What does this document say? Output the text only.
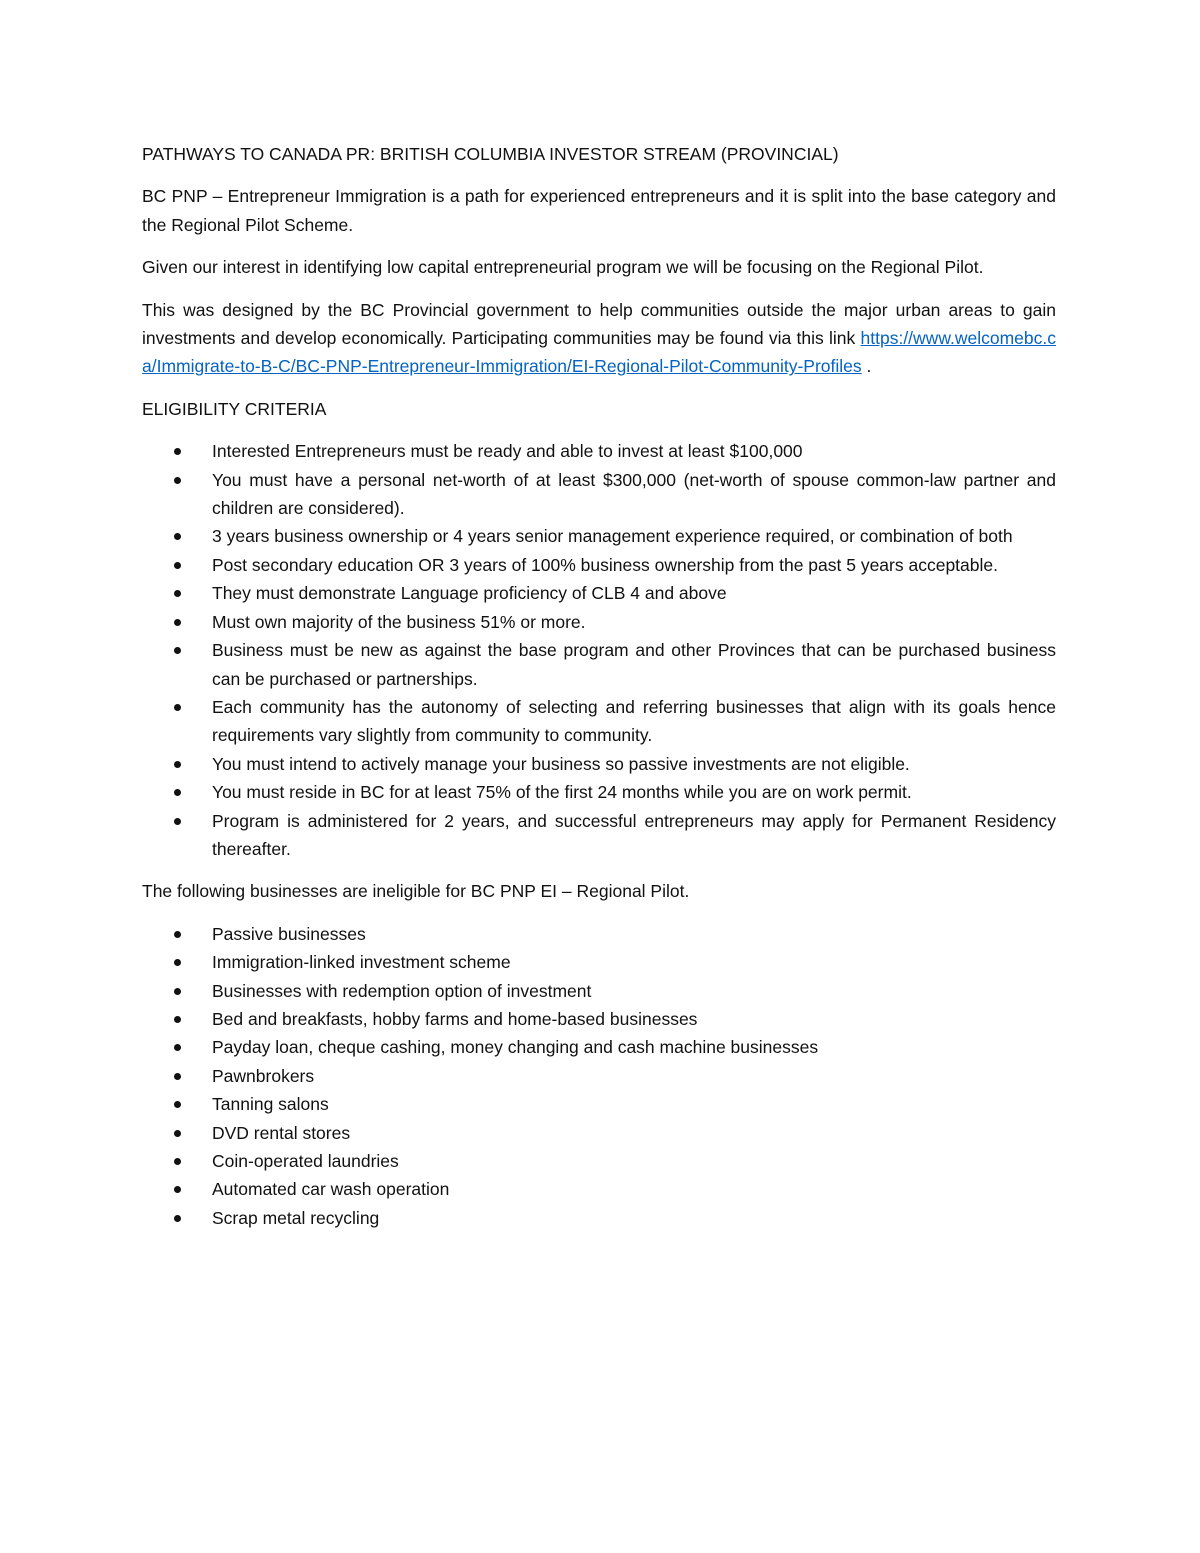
PATHWAYS TO CANADA PR: BRITISH COLUMBIA INVESTOR STREAM (PROVINCIAL)

BC PNP – Entrepreneur Immigration is a path for experienced entrepreneurs and it is split into the base category and the Regional Pilot Scheme.

Given our interest in identifying low capital entrepreneurial program we will be focusing on the Regional Pilot.

This was designed by the BC Provincial government to help communities outside the major urban areas to gain investments and develop economically. Participating communities may be found via this link https://www.welcomebc.ca/Immigrate-to-B-C/BC-PNP-Entrepreneur-Immigration/EI-Regional-Pilot-Community-Profiles .

ELIGIBILITY CRITERIA

Interested Entrepreneurs must be ready and able to invest at least $100,000
You must have a personal net-worth of at least $300,000 (net-worth of spouse common-law partner and children are considered).
3 years business ownership or 4 years senior management experience required, or combination of both
Post secondary education OR 3 years of 100% business ownership from the past 5 years acceptable.
They must demonstrate Language proficiency of CLB 4 and above
Must own majority of the business 51% or more.
Business must be new as against the base program and other Provinces that can be purchased business can be purchased or partnerships.
Each community has the autonomy of selecting and referring businesses that align with its goals hence requirements vary slightly from community to community.
You must intend to actively manage your business so passive investments are not eligible.
You must reside in BC for at least 75% of the first 24 months while you are on work permit.
Program is administered for 2 years, and successful entrepreneurs may apply for Permanent Residency thereafter.

The following businesses are ineligible for BC PNP EI – Regional Pilot.

Passive businesses
Immigration-linked investment scheme
Businesses with redemption option of investment
Bed and breakfasts, hobby farms and home-based businesses
Payday loan, cheque cashing, money changing and cash machine businesses
Pawnbrokers
Tanning salons
DVD rental stores
Coin-operated laundries
Automated car wash operation
Scrap metal recycling
